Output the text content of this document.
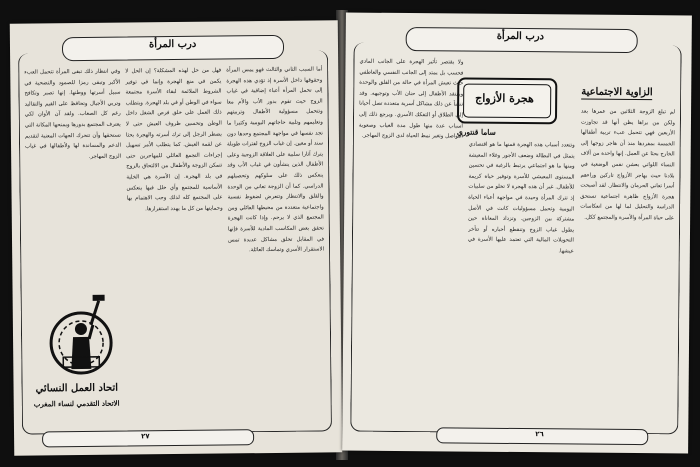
درب المرأة
أما السبب الثاني والثالث فهو يمس المرأة وحقوقها داخل الأسرة إذ تؤدي هذه الهجرة إلى تحمل المرأة أعباء إضافية في غياب الزوج حيث تقوم بدور الأب والأم معا وتتحمل مسؤولية الأطفال وتربيتهم وتعليمهم وتلبية حاجاتهم اليومية وكثيرا ما تجد نفسها في مواجهة المجتمع وحدها دون سند أو معين. إن غياب الزوج لفترات طويلة يترك آثارا سلبية على العلاقة الزوجية وعلى الأطفال الذين ينشأون في غياب الأب وقد ينعكس ذلك على سلوكهم وتحصيلهم الدراسي. كما أن الزوجة تعاني من الوحدة والقلق والانتظار وتتعرض لضغوط نفسية واجتماعية متعددة من محيطها العائلي ومن المجتمع الذي لا يرحم. وإذا كانت الهجرة تحقق بعض المكاسب المادية للأسرة فإنها في المقابل تخلق مشاكل عديدة تمس الاستقرار الأسري وتماسك العائلة.
فهل من حل لهذه المشكلة؟ إن الحل لا يكمن في منع الهجرة وإنما في توفير الشروط الملائمة لبقاء الأسرة مجتمعة سواء في الوطن أو في بلد الهجرة. ويتطلب ذلك العمل على خلق فرص الشغل داخل الوطن وتحسين ظروف العيش حتى لا يضطر الرجل إلى ترك أسرته والهجرة بحثا عن لقمة العيش. كما يتطلب الأمر تسهيل إجراءات التجمع العائلي للمهاجرين حتى تتمكن الزوجة والأطفال من الالتحاق بالزوج في بلد الهجرة. إن الأسرة هي الخلية الأساسية للمجتمع وأي خلل فيها ينعكس على المجتمع كله لذلك وجب الاهتمام بها وحمايتها من كل ما يهدد استقرارها.
وفي انتظار ذلك تبقى المرأة تتحمل العبء الأكبر وتبقى رمزا للصمود والتضحية في سبيل أسرتها ووطنها. إنها تصبر وتكافح وتربي الأجيال وتحافظ على القيم والتقاليد رغم كل الصعاب. ولقد آن الأوان لكي يعترف المجتمع بدورها ويمنحها المكانة التي تستحقها وأن تتحرك الجهات المعنية لتقديم الدعم والمساندة لها ولأطفالها في غياب الزوج المهاجر.
اتحاد العمل النسائي
الاتحاد التقدمي لنساء المغرب
٢٧
درب المرأة
الزاوية الاجتماعية
هجرة الأزواج
ساما قنتوري
لم تبلغ الزوجة الثلاثين من عمرها بعد ولكن من يراها يظن أنها قد تجاوزت الأربعين فهي تتحمل عبء تربية أطفالها الخمسة بمفردها منذ أن هاجر زوجها إلى الخارج بحثا عن العمل. إنها واحدة من آلاف النساء اللواتي يعشن نفس الوضعية في بلادنا حيث يهاجر الأزواج تاركين وراءهم أسرا تعاني الحرمان والانتظار. لقد أصبحت هجرة الأزواج ظاهرة اجتماعية تستحق الدراسة والتحليل لما لها من انعكاسات على حياة المرأة والأسرة والمجتمع ككل.
وتتعدد أسباب هذه الهجرة فمنها ما هو اقتصادي يتمثل في البطالة وضعف الأجور وغلاء المعيشة ومنها ما هو اجتماعي يرتبط بالرغبة في تحسين المستوى المعيشي للأسرة وتوفير حياة كريمة للأطفال. غير أن هذه الهجرة لا تخلو من سلبيات إذ تترك المرأة وحيدة في مواجهة أعباء الحياة اليومية وتحمل مسؤوليات كانت في الأصل مشتركة بين الزوجين. وتزداد المعاناة حين يطول غياب الزوج وتنقطع أخباره أو تتأخر التحويلات المالية التي تعتمد عليها الأسرة في عيشها.
ولا يقتصر تأثير الهجرة على الجانب المادي فحسب بل يمتد إلى الجانب النفسي والعاطفي حيث تعيش المرأة في حالة من القلق والوحدة ويفتقد الأطفال إلى حنان الأب وتوجيهه. وقد تنشأ عن ذلك مشاكل أسرية متعددة تصل أحيانا إلى الطلاق أو التفكك الأسري. ويرجع ذلك إلى أسباب عدة منها طول مدة الغياب وصعوبة التواصل وتغير نمط الحياة لدى الزوج المهاجر.
٢٦
